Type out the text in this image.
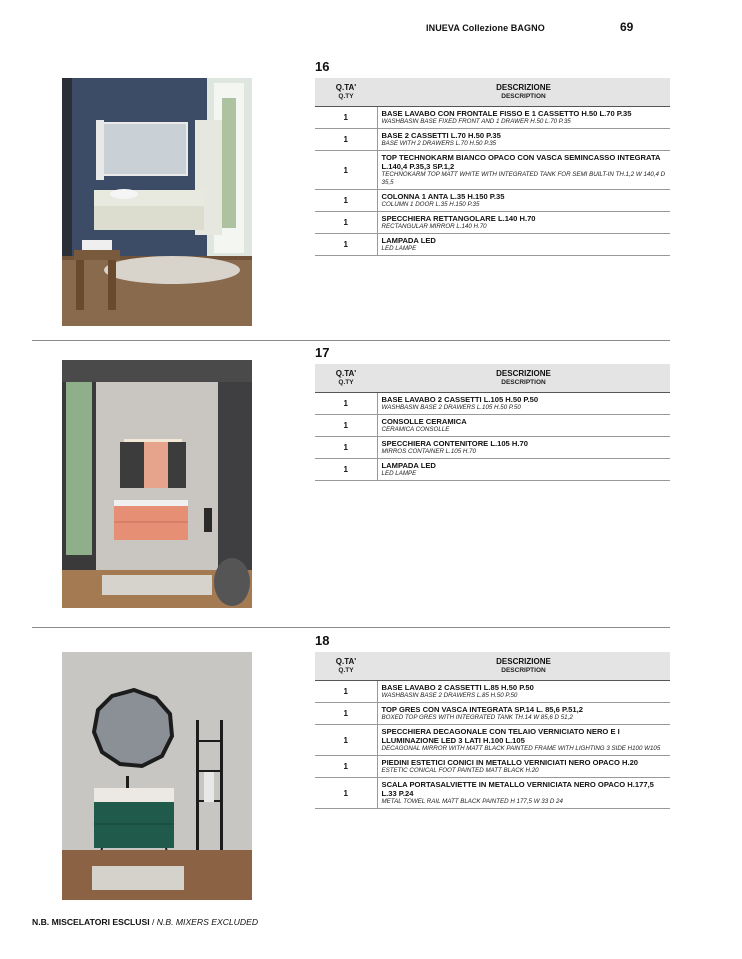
INUEVA Collezione BAGNO	69
16
Q.TA'
Q.TY	DESCRIZIONE
DESCRIPTION

1	BASE LAVABO CON FRONTALE FISSO E 1 CASSETTO H.50 L.70 P.35
WASHBASIN BASE FIXED FRONT AND 1 DRAWER H.50 L.70 P.35

1	BASE 2 CASSETTI L.70 H.50 P.35
BASE WITH 2 DRAWERS L.70 H.50 P.35

1	TOP TECHNOKARM BIANCO OPACO CON VASCA SEMINCASSO INTEGRATA L.140,4 P.35,3 SP.1,2
TECHNOKARM TOP MATT WHITE WITH INTEGRATED TANK FOR SEMI BUILT-IN TH.1,2 W 140,4 D 35,5

1	COLONNA 1 ANTA L.35 H.150 P.35
COLUMN 1 DOOR L.35 H.150 P.35

1	SPECCHIERA RETTANGOLARE L.140 H.70
RECTANGULAR MIRROR L.140 H.70

1	LAMPADA LED
LED LAMPE
17
Q.TA'
Q.TY	DESCRIZIONE
DESCRIPTION

1	BASE LAVABO 2 CASSETTI L.105 H.50 P.50
WASHBASIN BASE 2 DRAWERS L.105 H.50 P.50

1	CONSOLLE CERAMICA
CERAMICA CONSOLLE

1	SPECCHIERA CONTENITORE L.105 H.70
MIRROS CONTAINER L.105 H.70

1	LAMPADA LED
LED LAMPE
18
Q.TA'
Q.TY	DESCRIZIONE
DESCRIPTION

1	BASE LAVABO 2 CASSETTI L.85 H.50 P.50
WASHBASIN BASE 2 DRAWERS L.85 H.50 P.50

1	TOP GRES CON VASCA INTEGRATA SP.14 L. 85,6 P.51,2
BOXED TOP GRES WITH INTEGRATED TANK TH.14 W 85,6 D 51,2

1	SPECCHIERA DECAGONALE CON TELAIO VERNICIATO NERO E I LLUMINAZIONE LED 3 LATI H.100 L.105
DECAGONAL MIRROR WITH MATT BLACK PAINTED FRAME WITH LIGHTING 3 SIDE H100 W105

1	PIEDINI ESTETICI CONICI IN METALLO VERNICIATI NERO OPACO H.20
ESTETIC CONICAL FOOT PAINTED MATT BLACK H.20

1	SCALA PORTASALVIETTE IN METALLO VERNICIATA NERO OPACO H.177,5 L.33 P.24
METAL TOWEL RAIL MATT BLACK PAINTED H 177,5 W 33 D 24
N.B. MISCELATORI ESCLUSI / N.B. MIXERS EXCLUDED
